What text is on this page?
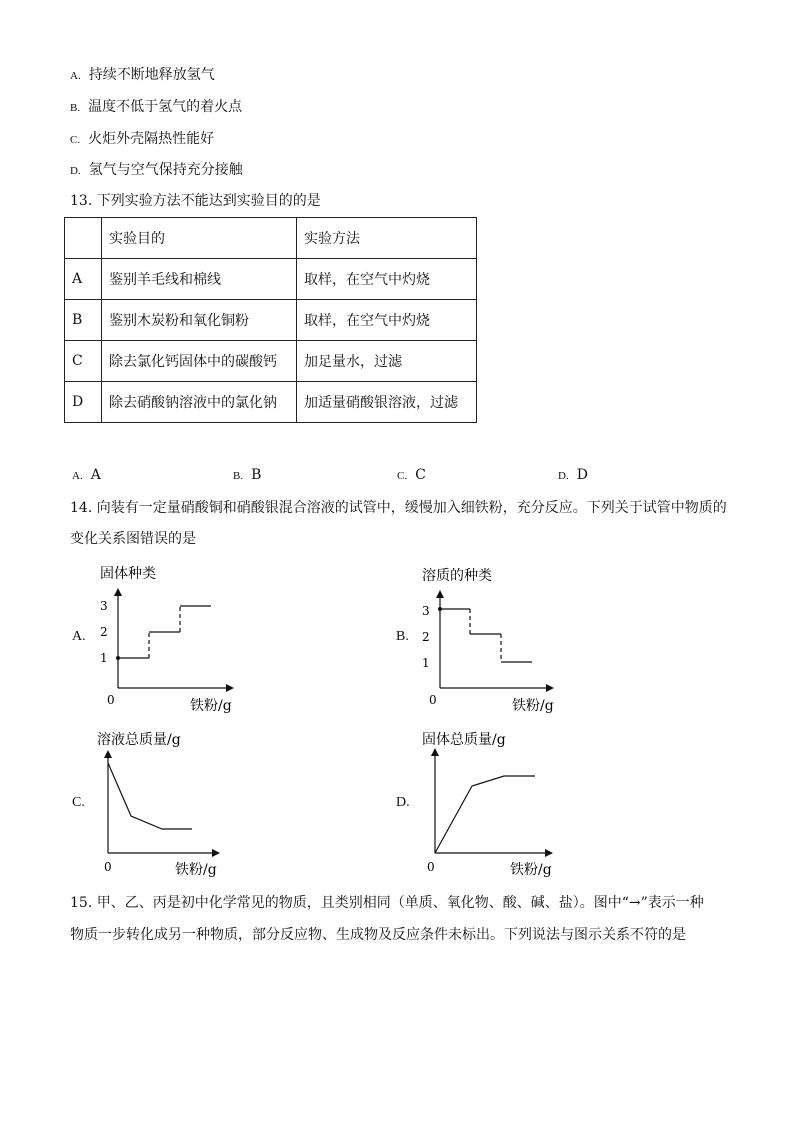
A. 持续不断地释放氢气
B. 温度不低于氢气的着火点
C. 火炬外壳隔热性能好
D. 氢气与空气保持充分接触
13. 下列实验方法不能达到实验目的的是
	实验目的	实验方法
A	鉴别羊毛线和棉线	取样，在空气中灼烧
B	鉴别木炭粉和氧化铜粉	取样，在空气中灼烧
C	除去氯化钙固体中的碳酸钙	加足量水，过滤
D	除去硝酸钠溶液中的氯化钠	加适量硝酸银溶液，过滤
A. A	B. B	C. C	D. D
14. 向装有一定量硝酸铜和硝酸银混合溶液的试管中，缓慢加入细铁粉，充分反应。下列关于试管中物质的
变化关系图错误的是
A.	B.
C.	D.
固体种类
0	铁粉/g
1
2
3
溶质的种类
0	铁粉/g
1
2
3
溶液总质量/g
0	铁粉/g
固体总质量/g
0	铁粉/g
15. 甲、乙、丙是初中化学常见的物质，且类别相同（单质、氧化物、酸、碱、盐）。图中“→”表示一种
物质一步转化成另一种物质，部分反应物、生成物及反应条件未标出。下列说法与图示关系不符的是
